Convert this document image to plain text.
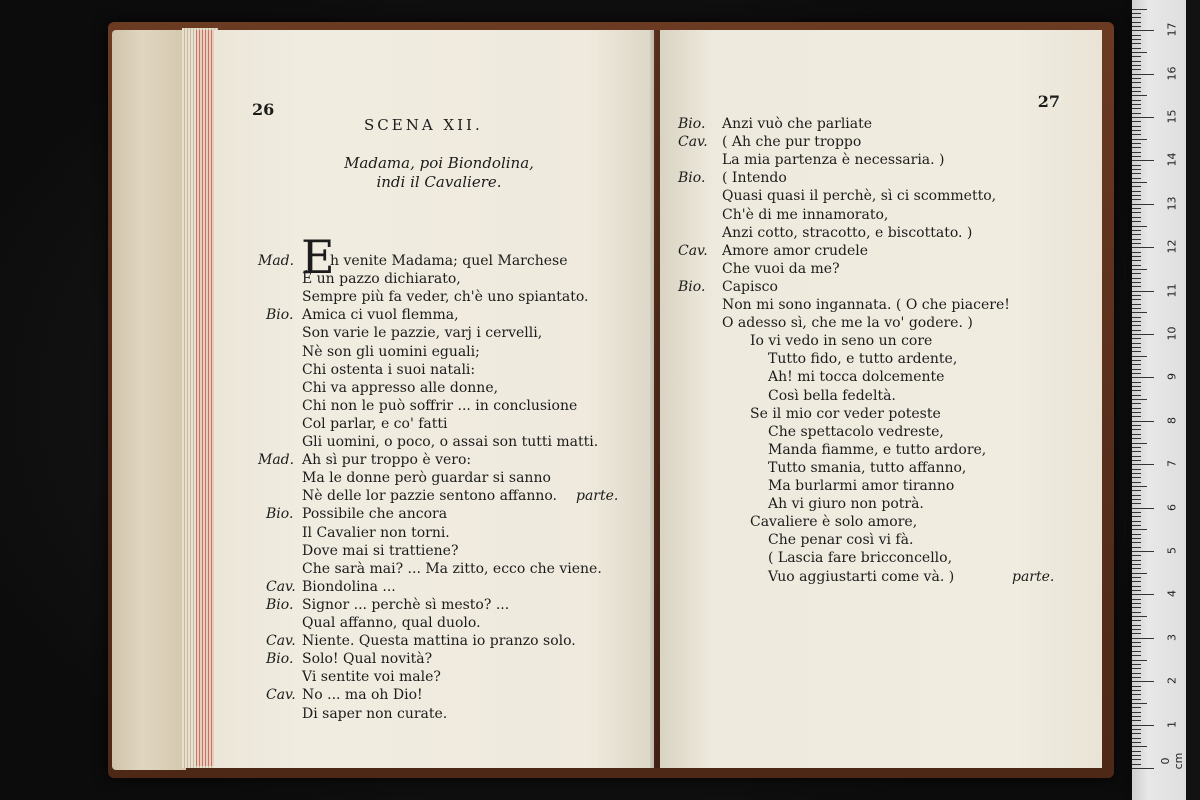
26
SCENA XII.
Madama, poi Biondolina,
indi il Cavaliere.
E
Mad.	h venite Madama; quel Marchese
È un pazzo dichiarato,
Sempre più fa veder, ch'è uno spiantato.
Bio. Amica ci vuol flemma,
Son varie le pazzie, varj i cervelli,
Nè son gli uomini eguali;
Chi ostenta i suoi natali:
Chi va appresso alle donne,
Chi non le può soffrir ... in conclusione
Col parlar, e co' fatti
Gli uomini, o poco, o assai son tutti matti.
Mad. Ah sì pur troppo è vero:
Ma le donne però guardar si sanno
Nè delle lor pazzie sentono affanno. parte.
Bio. Possibile che ancora
Il Cavalier non torni.
Dove mai si trattiene?
Che sarà mai? ... Ma zitto, ecco che viene.
Cav. Biondolina ...
Bio. Signor ... perchè sì mesto? ...
Qual affanno, qual duolo.
Cav. Niente. Questa mattina io pranzo solo.
Bio. Solo! Qual novità?
Vi sentite voi male?
Cav. No ... ma oh Dio!
Di saper non curate.
27
Bio. Anzi vuò che parliate
Cav. ( Ah che pur troppo
La mia partenza è necessaria. )
Bio. ( Intendo
Quasi quasi il perchè, sì ci scommetto,
Ch'è di me innamorato,
Anzi cotto, stracotto, e biscottato. )
Cav. Amore amor crudele
Che vuoi da me?
Bio. Capisco
Non mi sono ingannata. ( O che piacere!
O adesso sì, che me la vo' godere. )
Io vi vedo in seno un core
Tutto fido, e tutto ardente,
Ah! mi tocca dolcemente
Così bella fedeltà.
Se il mio cor veder poteste
Che spettacolo vedreste,
Manda fiamme, e tutto ardore,
Tutto smania, tutto affanno,
Ma burlarmi amor tiranno
Ah vi giuro non potrà.
Cavaliere è solo amore,
Che penar così vi fà.
( Lascia fare bricconcello,
Vuo aggiustarti come và. )	parte.
0 cm
1
2
3
4
5
6
7
8
9
10
11
12
13
14
15
16
17
